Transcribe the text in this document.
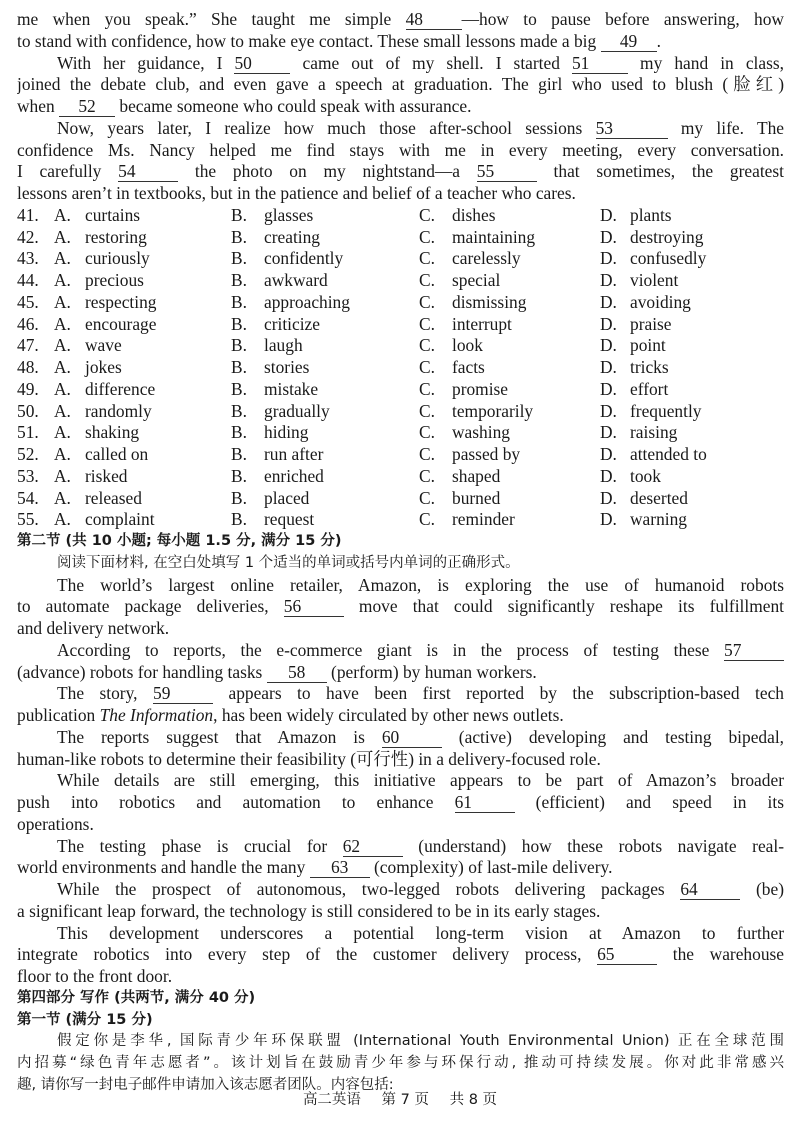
me when you speak.” She taught me simple 48 —how to pause before answering, how
to stand with confidence, how to make eye contact. These small lessons made a big 49 .
With her guidance, I 50 came out of my shell. I started 51 my hand in class,
joined the debate club, and even gave a speech at graduation. The girl who used to blush (脸红)
when 52 became someone who could speak with assurance.
Now, years later, I realize how much those after-school sessions 53	my life. The
confidence Ms. Nancy helped me find stays with me in every meeting, every conversation.
I carefully 54 the photo on my nightstand—a 55 that sometimes, the greatest
lessons aren’t in textbooks, but in the patience and belief of a teacher who cares.
41. A. curtains	B. glasses	C. dishes	D. plants
42. A. restoring	B. creating	C. maintaining	D. destroying
43. A. curiously	B. confidently	C. carelessly	D. confusedly
44. A. precious	B. awkward	C. special	D. violent
45. A. respecting	B. approaching	C. dismissing	D. avoiding
46. A. encourage	B. criticize	C. interrupt	D. praise
47. A. wave	B. laugh	C. look	D. point
48. A. jokes	B. stories	C. facts	D. tricks
49. A. difference	B. mistake	C. promise	D. effort
50. A. randomly	B. gradually	C. temporarily	D. frequently
51. A. shaking	B. hiding	C. washing	D. raising
52. A. called on	B. run after	C. passed by	D. attended to
53. A. risked	B. enriched	C. shaped	D. took
54. A. released	B. placed	C. burned	D. deserted
55. A. complaint	B. request	C. reminder	D. warning
第二节 (共 10 小题; 每小题 1.5 分, 满分 15 分)
阅读下面材料, 在空白处填写 1 个适当的单词或括号内单词的正确形式。
The world’s largest online retailer, Amazon, is exploring the use of humanoid robots
to automate package deliveries, 56 move that could significantly reshape its fulfillment
and delivery network.
According to reports, the e-commerce giant is in the process of testing these 57
(advance) robots for handling tasks 58 (perform) by human workers.
The story, 59 appears to have been first reported by the subscription-based tech
publication The Information, has been widely circulated by other news outlets.
The reports suggest that Amazon is 60 (active) developing and testing bipedal,
human-like robots to determine their feasibility (可行性) in a delivery-focused role.
While details are still emerging, this initiative appears to be part of Amazon’s broader
push into robotics and automation to enhance 61 (efficient) and speed in its
operations.
The testing phase is crucial for 62 (understand) how these robots navigate real-
world environments and handle the many 63 (complexity) of last-mile delivery.
While the prospect of autonomous, two-legged robots delivering packages 64 (be)
a significant leap forward, the technology is still considered to be in its early stages.
This development underscores a potential long-term vision at Amazon to further
integrate robotics into every step of the customer delivery process, 65 the warehouse
floor to the front door.
第四部分 写作 (共两节, 满分 40 分)
第一节 (满分 15 分)
假定你是李华, 国际青少年环保联盟 (International Youth Environmental Union) 正在全球范围
内招募“绿色青年志愿者”。该计划旨在鼓励青少年参与环保行动, 推动可持续发展。你对此非常感兴
趣, 请你写一封电子邮件申请加入该志愿者团队。内容包括:
高二英语 第 7 页 共 8 页
